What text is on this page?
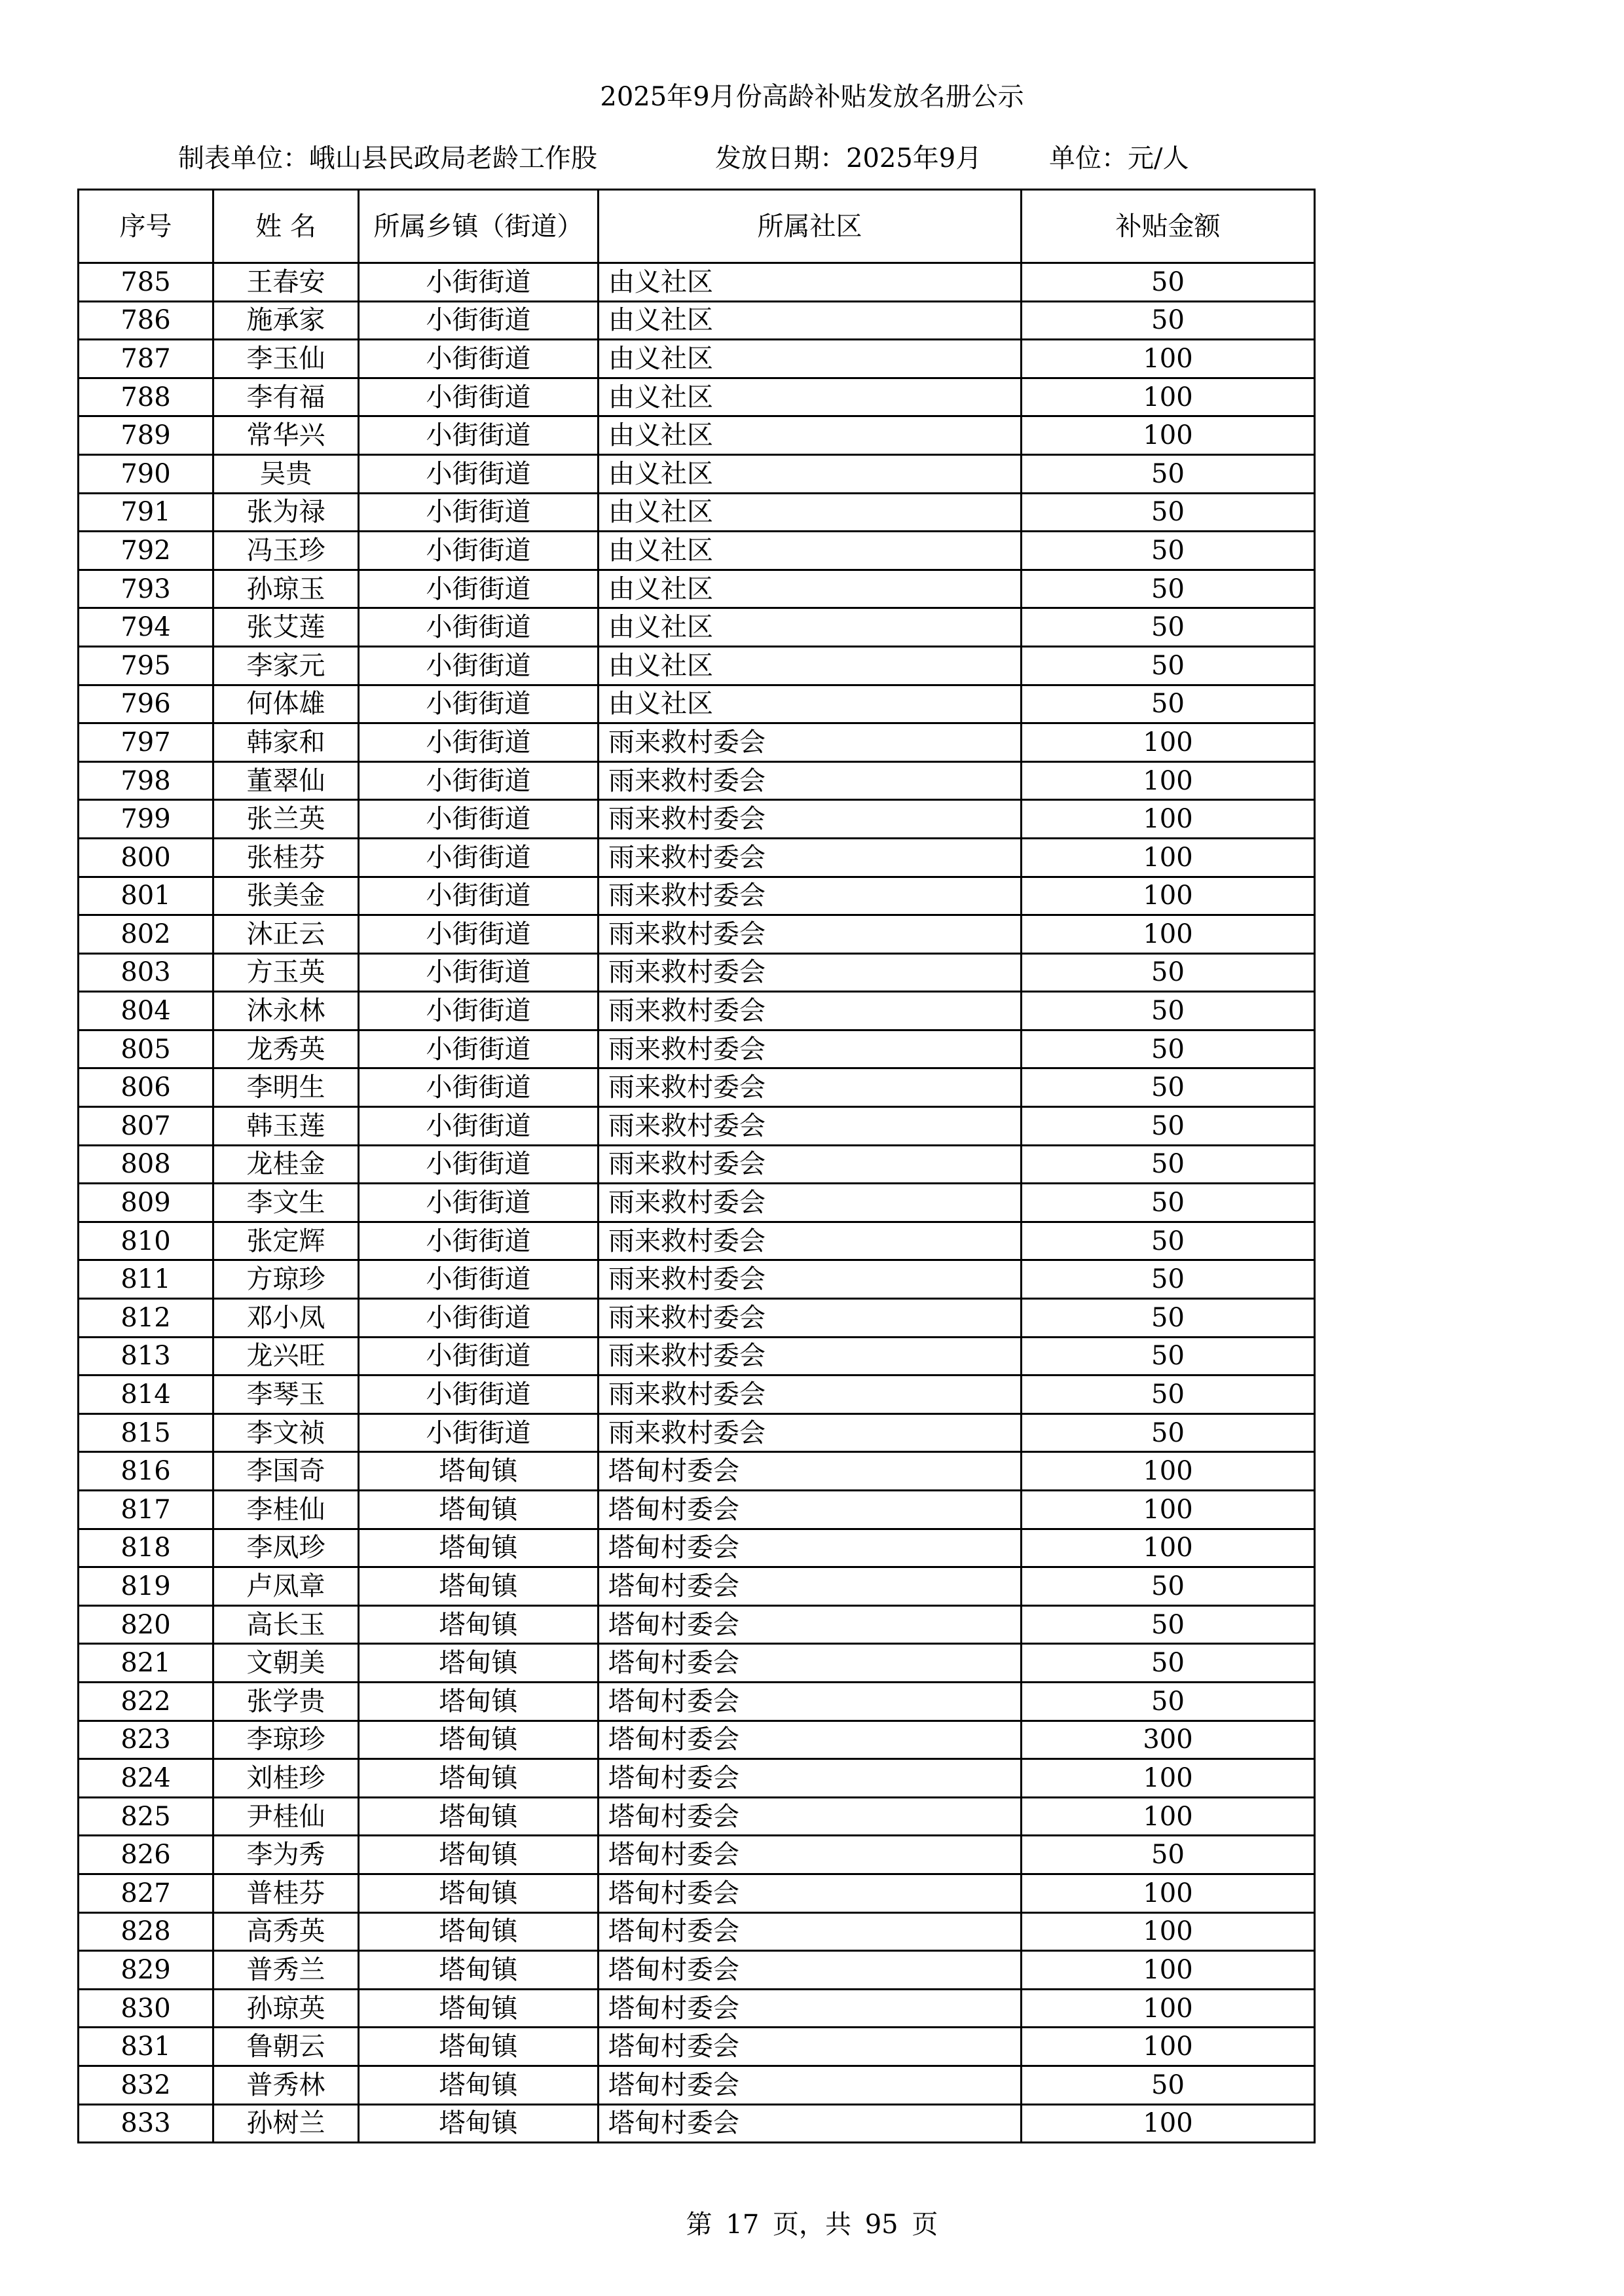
2025年9月份高龄补贴发放名册公示
制表单位：峨山县民政局老龄工作股	发放日期：2025年9月	单位：元/人
序号	姓 名	所属乡镇（街道）	所属社区	补贴金额
785	王春安	小街街道	由义社区	50
786	施承家	小街街道	由义社区	50
787	李玉仙	小街街道	由义社区	100
788	李有福	小街街道	由义社区	100
789	常华兴	小街街道	由义社区	100
790	吴贵	小街街道	由义社区	50
791	张为禄	小街街道	由义社区	50
792	冯玉珍	小街街道	由义社区	50
793	孙琼玉	小街街道	由义社区	50
794	张艾莲	小街街道	由义社区	50
795	李家元	小街街道	由义社区	50
796	何体雄	小街街道	由义社区	50
797	韩家和	小街街道	雨来救村委会	100
798	董翠仙	小街街道	雨来救村委会	100
799	张兰英	小街街道	雨来救村委会	100
800	张桂芬	小街街道	雨来救村委会	100
801	张美金	小街街道	雨来救村委会	100
802	沐正云	小街街道	雨来救村委会	100
803	方玉英	小街街道	雨来救村委会	50
804	沐永林	小街街道	雨来救村委会	50
805	龙秀英	小街街道	雨来救村委会	50
806	李明生	小街街道	雨来救村委会	50
807	韩玉莲	小街街道	雨来救村委会	50
808	龙桂金	小街街道	雨来救村委会	50
809	李文生	小街街道	雨来救村委会	50
810	张定辉	小街街道	雨来救村委会	50
811	方琼珍	小街街道	雨来救村委会	50
812	邓小凤	小街街道	雨来救村委会	50
813	龙兴旺	小街街道	雨来救村委会	50
814	李琴玉	小街街道	雨来救村委会	50
815	李文祯	小街街道	雨来救村委会	50
816	李国奇	塔甸镇	塔甸村委会	100
817	李桂仙	塔甸镇	塔甸村委会	100
818	李凤珍	塔甸镇	塔甸村委会	100
819	卢凤章	塔甸镇	塔甸村委会	50
820	高长玉	塔甸镇	塔甸村委会	50
821	文朝美	塔甸镇	塔甸村委会	50
822	张学贵	塔甸镇	塔甸村委会	50
823	李琼珍	塔甸镇	塔甸村委会	300
824	刘桂珍	塔甸镇	塔甸村委会	100
825	尹桂仙	塔甸镇	塔甸村委会	100
826	李为秀	塔甸镇	塔甸村委会	50
827	普桂芬	塔甸镇	塔甸村委会	100
828	高秀英	塔甸镇	塔甸村委会	100
829	普秀兰	塔甸镇	塔甸村委会	100
830	孙琼英	塔甸镇	塔甸村委会	100
831	鲁朝云	塔甸镇	塔甸村委会	100
832	普秀林	塔甸镇	塔甸村委会	50
833	孙树兰	塔甸镇	塔甸村委会	100
第 17 页，共 95 页
